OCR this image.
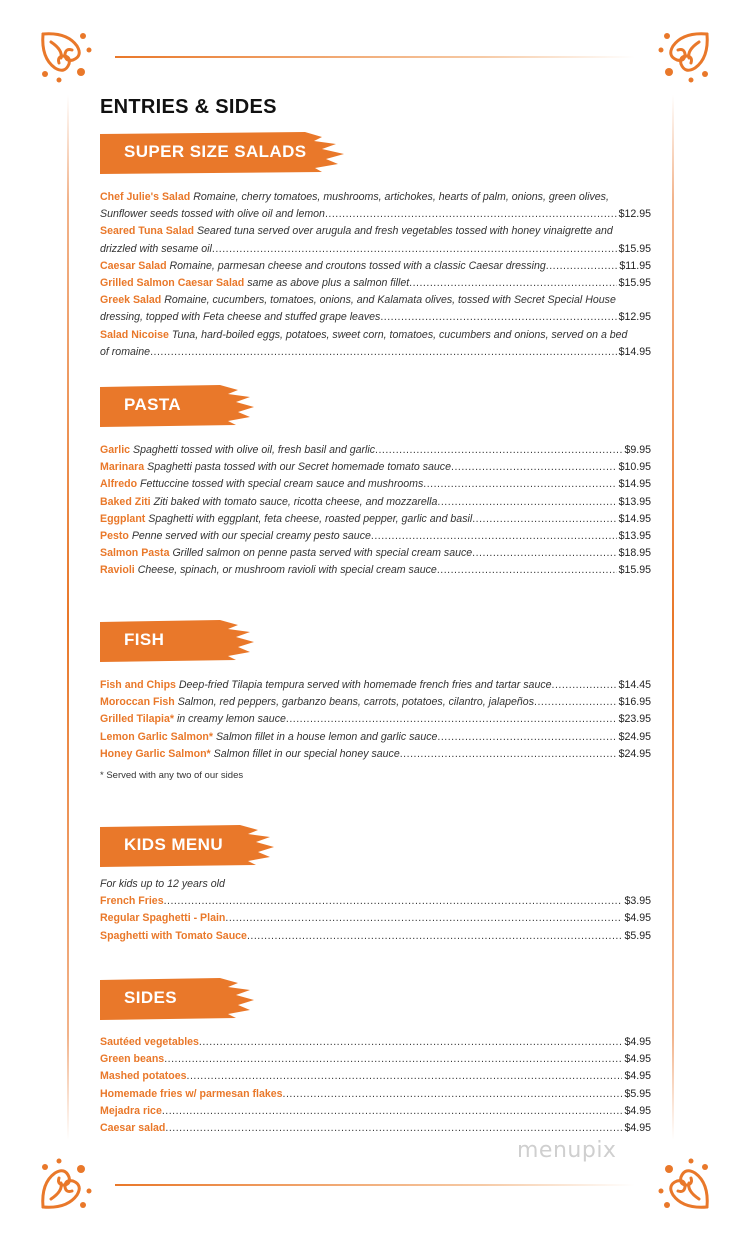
ENTRIES & SIDES
SUPER SIZE SALADS
Chef Julie's Salad Romaine, cherry tomatoes, mushrooms, artichokes, hearts of palm, onions, green olives,
Sunflower seeds tossed with olive oil and lemon .....	$12.95
Seared Tuna Salad Seared tuna served over arugula and fresh vegetables tossed with honey vinaigrette and
drizzled with sesame oil .....	$15.95
Caesar Salad
Romaine, parmesan cheese and croutons tossed with a classic Caesar dressing .....	$11.95
Grilled Salmon Caesar Salad
same as above plus a salmon fillet .....	$15.95
Greek Salad Romaine, cucumbers, tomatoes, onions, and Kalamata olives, tossed with Secret Special House
dressing, topped with Feta cheese and stuffed grape leaves .....	$12.95
Salad Nicoise Tuna, hard-boiled eggs, potatoes, sweet corn, tomatoes, cucumbers and onions, served on a bed
of romaine .....	$14.95
PASTA
Garlic
Spaghetti tossed with olive oil, fresh basil and garlic .....	$9.95
Marinara
Spaghetti pasta tossed with our Secret homemade tomato sauce .....	$10.95
Alfredo
Fettuccine tossed with special cream sauce and mushrooms .....	$14.95
Baked Ziti
Ziti baked with tomato sauce, ricotta cheese, and mozzarella .....	$13.95
Eggplant
Spaghetti with eggplant, feta cheese, roasted pepper, garlic and basil .....	$14.95
Pesto
Penne served with our special creamy pesto sauce .....	$13.95
Salmon Pasta
Grilled salmon on penne pasta served with special cream sauce .....	$18.95
Ravioli
Cheese, spinach, or mushroom ravioli with special cream sauce .....	$15.95
FISH
Fish and Chips
Deep-fried Tilapia tempura served with homemade french fries and tartar sauce .....	$14.45
Moroccan Fish
Salmon, red peppers, garbanzo beans, carrots, potatoes, cilantro, jalapeños .....	$16.95
Grilled Tilapia*
in creamy lemon sauce .....	$23.95
Lemon Garlic Salmon*
Salmon fillet in a house lemon and garlic sauce .....	$24.95
Honey Garlic Salmon*
Salmon fillet in our special honey sauce .....	$24.95
* Served with any two of our sides
KIDS MENU
For kids up to 12 years old
French Fries .....	$3.95
Regular Spaghetti - Plain .....	$4.95
Spaghetti with Tomato Sauce .....	$5.95
SIDES
Sautéed vegetables .....	$4.95
Green beans .....	$4.95
Mashed potatoes .....	$4.95
Homemade fries w/ parmesan flakes .....	$5.95
Mejadra rice .....	$4.95
Caesar salad .....	$4.95
menupix
